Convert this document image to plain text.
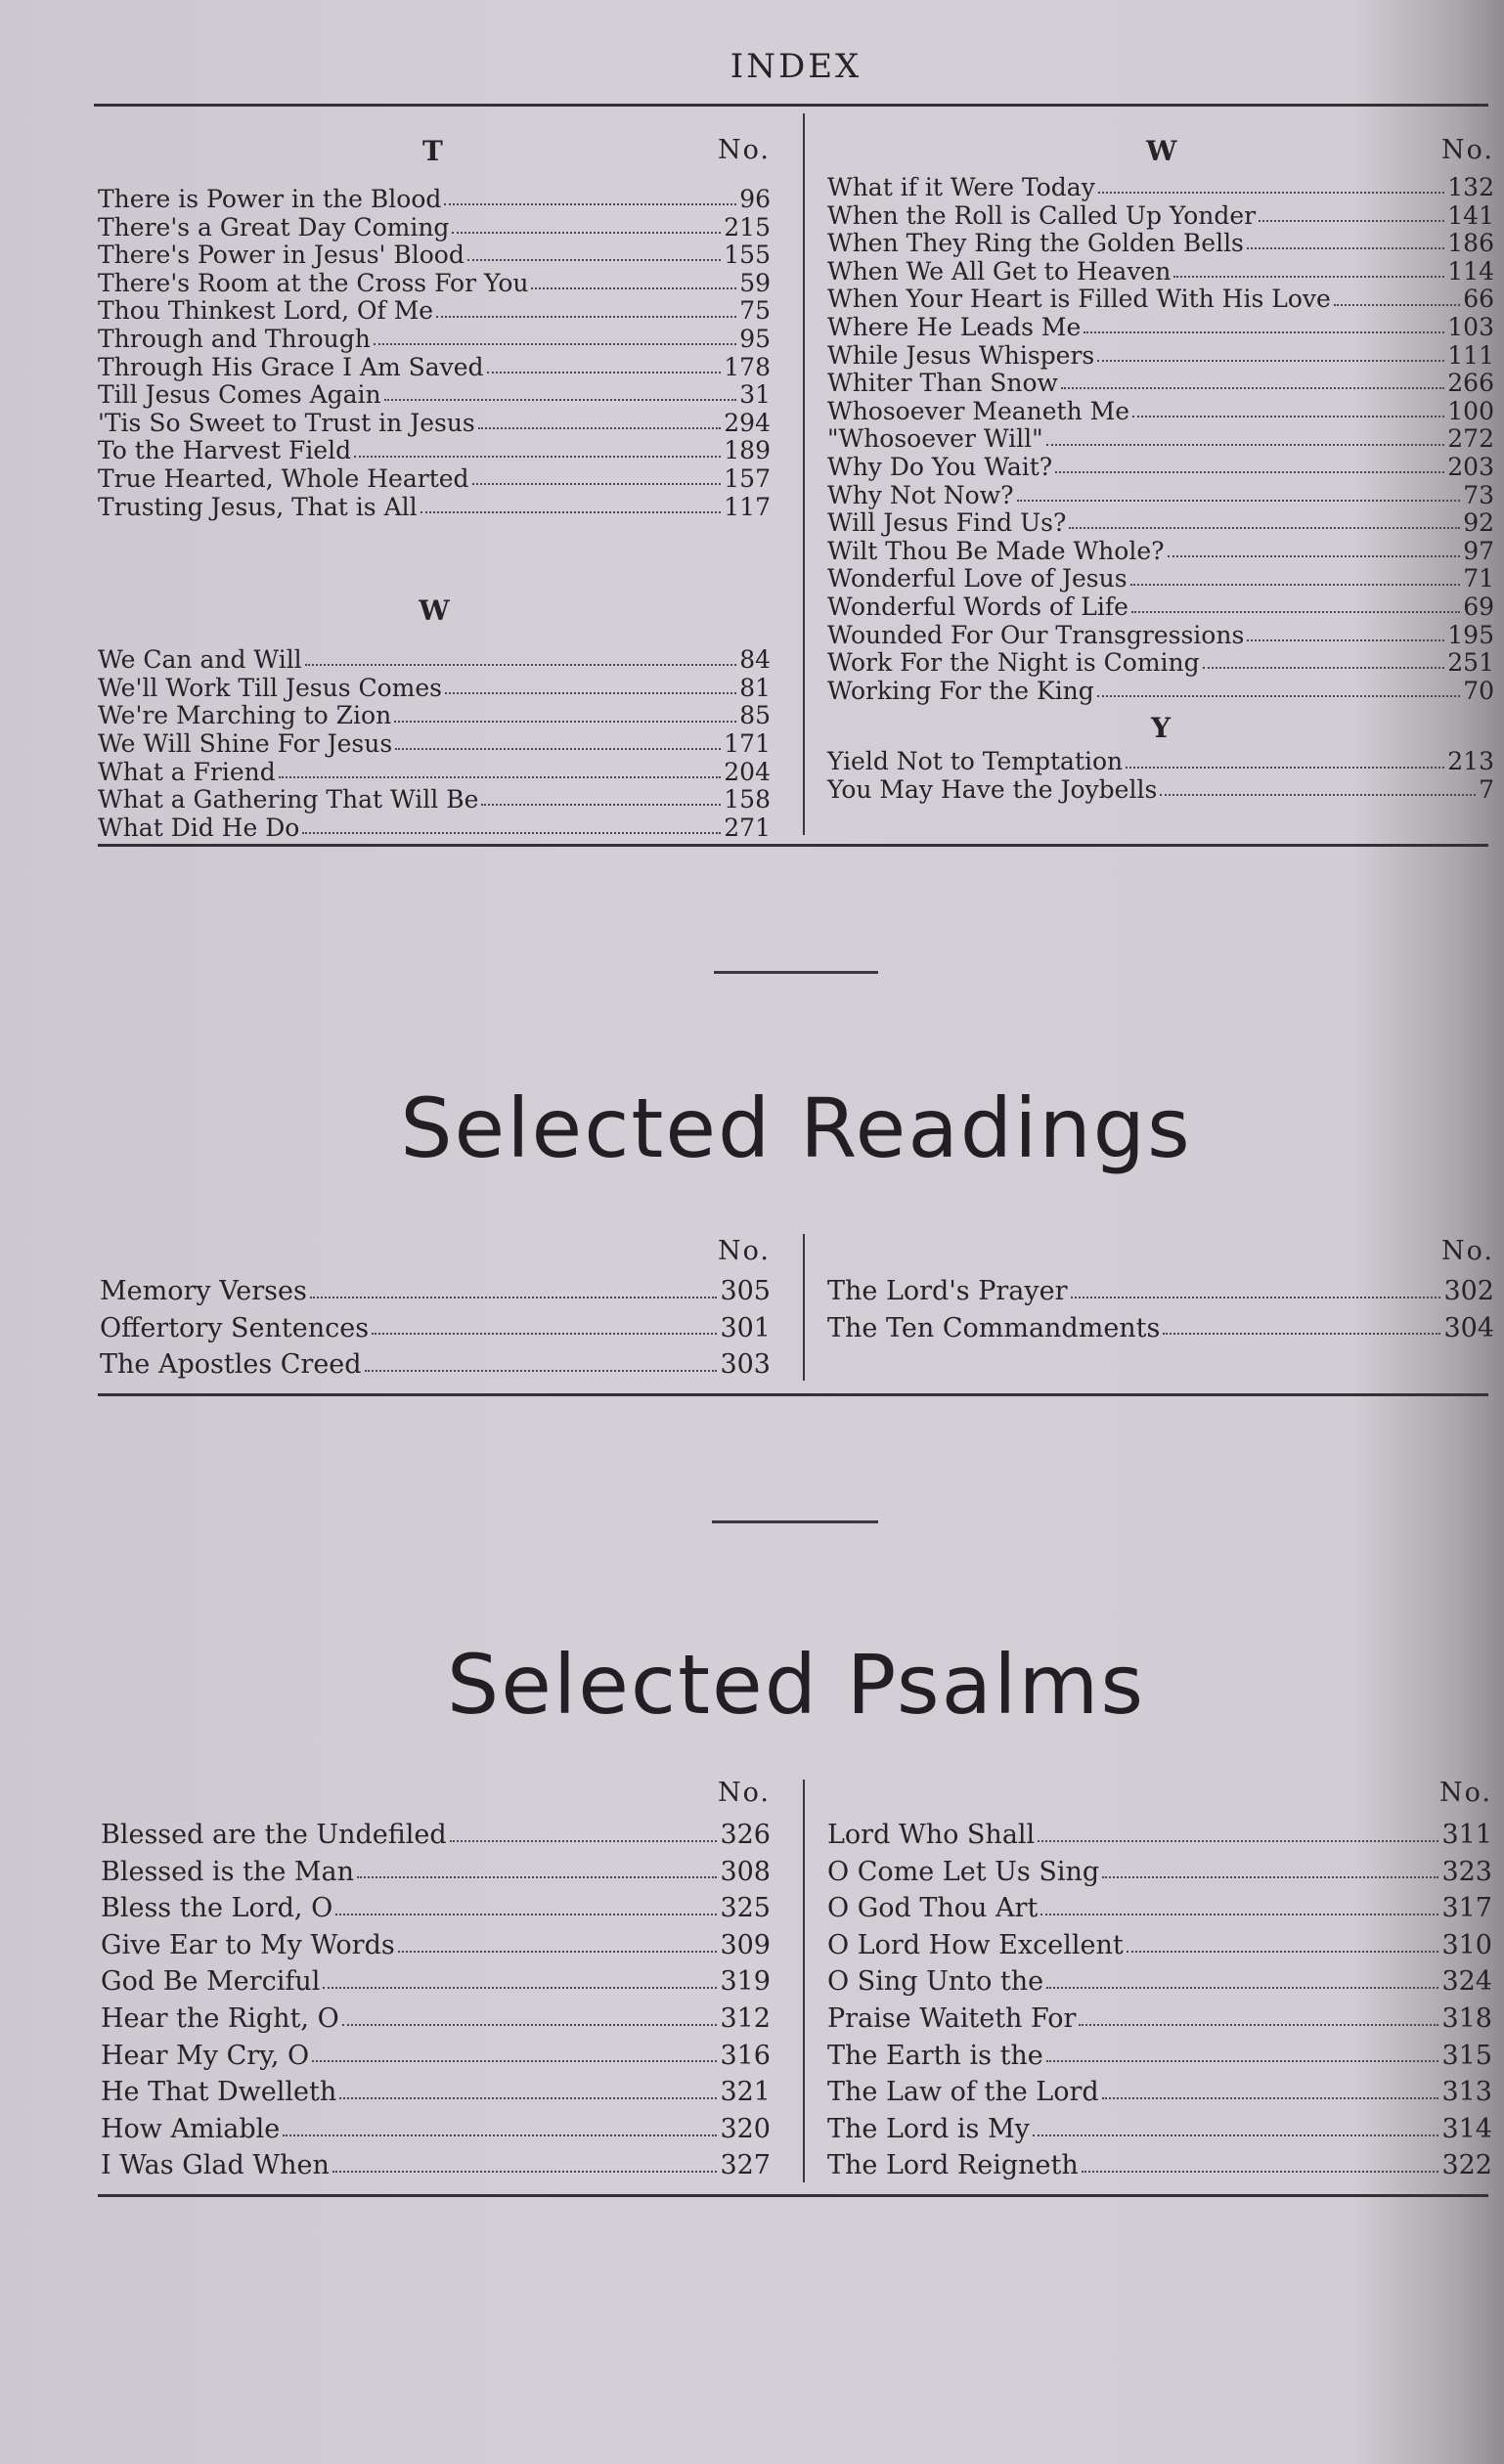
INDEX
T	No.
There is Power in the Blood	96
There's a Great Day Coming	215
There's Power in Jesus' Blood	155
There's Room at the Cross For You	59
Thou Thinkest Lord, Of Me	75
Through and Through	95
Through His Grace I Am Saved	178
Till Jesus Comes Again	31
'Tis So Sweet to Trust in Jesus	294
To the Harvest Field	189
True Hearted, Whole Hearted	157
Trusting Jesus, That is All	117
W
We Can and Will	84
We'll Work Till Jesus Comes	81
We're Marching to Zion	85
We Will Shine For Jesus	171
What a Friend	204
What a Gathering That Will Be	158
What Did He Do	271
W	No.
What if it Were Today	132
When the Roll is Called Up Yonder	141
When They Ring the Golden Bells	186
When We All Get to Heaven	114
When Your Heart is Filled With His Love	66
Where He Leads Me	103
While Jesus Whispers	111
Whiter Than Snow	266
Whosoever Meaneth Me	100
"Whosoever Will"	272
Why Do You Wait?	203
Why Not Now?	73
Will Jesus Find Us?	92
Wilt Thou Be Made Whole?	97
Wonderful Love of Jesus	71
Wonderful Words of Life	69
Wounded For Our Transgressions	195
Work For the Night is Coming	251
Working For the King	70
Y
Yield Not to Temptation	213
You May Have the Joybells	7
Selected Readings
No.
Memory Verses	305
Offertory Sentences	301
The Apostles Creed	303
No.
The Lord's Prayer	302
The Ten Commandments	304
Selected Psalms
No.
Blessed are the Undefiled	326
Blessed is the Man	308
Bless the Lord, O	325
Give Ear to My Words	309
God Be Merciful	319
Hear the Right, O	312
Hear My Cry, O	316
He That Dwelleth	321
How Amiable	320
I Was Glad When	327
No.
Lord Who Shall	311
O Come Let Us Sing	323
O God Thou Art	317
O Lord How Excellent	310
O Sing Unto the	324
Praise Waiteth For	318
The Earth is the	315
The Law of the Lord	313
The Lord is My	314
The Lord Reigneth	322
